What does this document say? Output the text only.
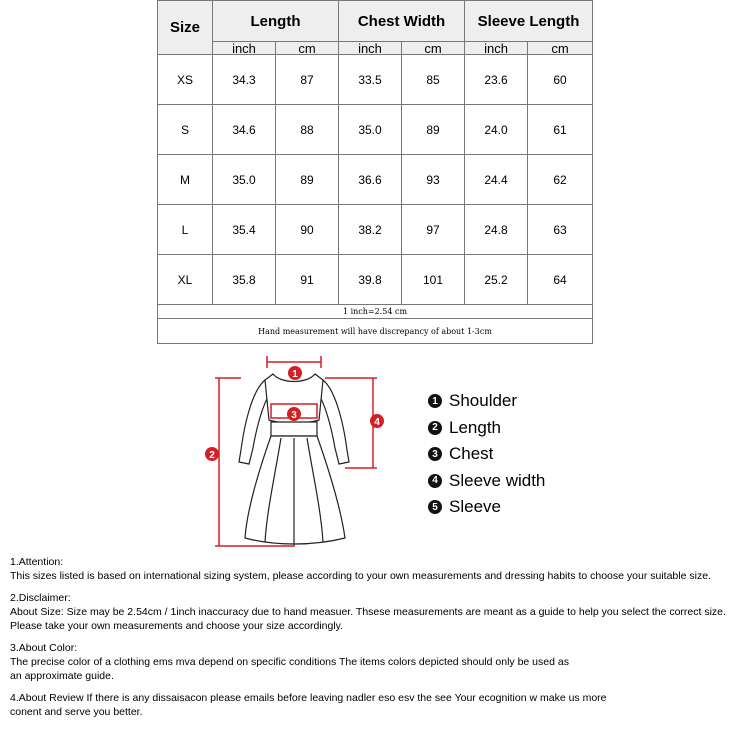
Size	Length		Chest Width		Sleeve Length	
	inch	cm	inch	cm	inch	cm
XS	34.3	87	33.5	85	23.6	60
S	34.6	88	35.0	89	24.0	61
M	35.0	89	36.6	93	24.4	62
L	35.4	90	38.2	97	24.8	63
XL	35.8	91	39.8	101	25.2	64
1 inch=2.54 cm						
Hand measurement will have discrepancy of about 1-3cm						
1
2
3
4
1 Shoulder
2 Length
3 Chest
4 Sleeve width
5 Sleeve

1.Attention:
This sizes listed is based on international sizing system, please according to your own measurements and dressing habits to choose your suitable size.

2.Disclaimer:
About Size: Size may be 2.54cm / 1inch inaccuracy due to hand measuer. Thsese measurements are meant as a guide to help you select the correct size.
Please take your own measurements and choose your size accordingly.

3.About Color:
The precise color of a clothing ems mva depend on specific conditions The items colors depicted should only be used as
an approximate guide.

4.About Review If there is any dissaisacon please emails before leaving nadler eso esv the see Your ecognition w make us more
conent and serve you better.
